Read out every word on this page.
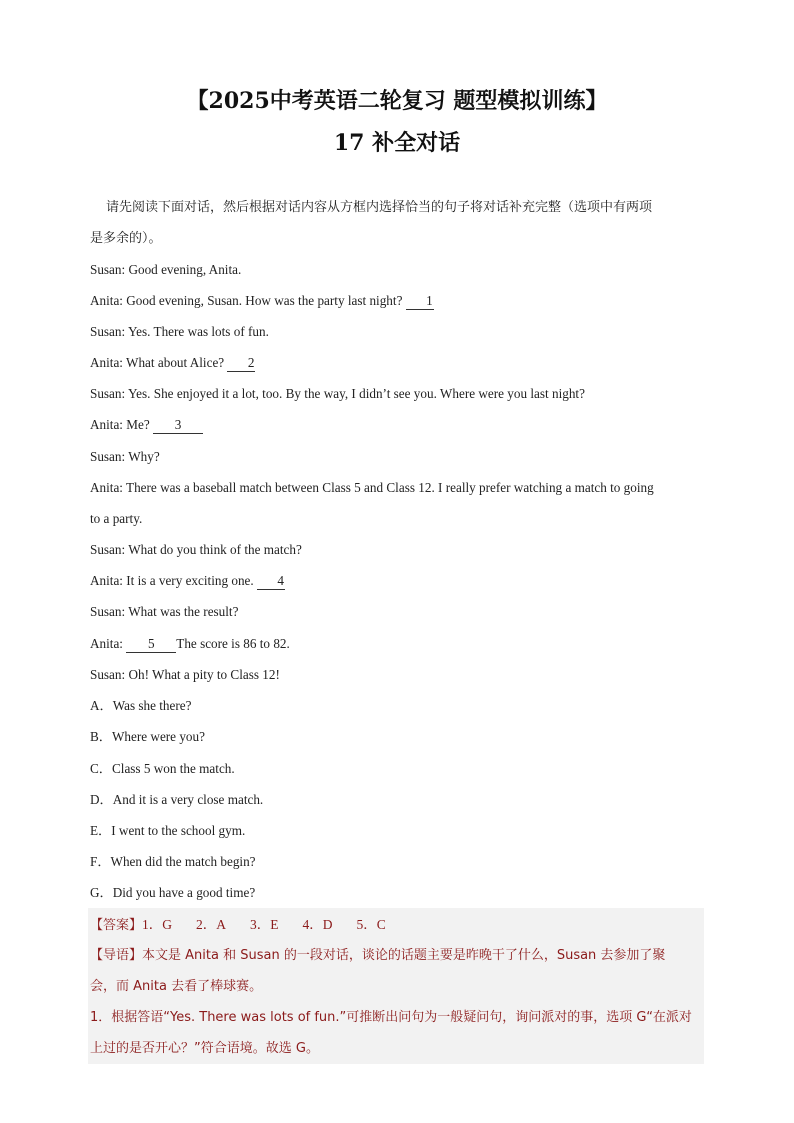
【2025中考英语二轮复习 题型模拟训练】
17 补全对话
请先阅读下面对话，然后根据对话内容从方框内选择恰当的句子将对话补充完整（选项中有两项
是多余的）。
Susan: Good evening, Anita.
Anita: Good evening, Susan. How was the party last night? 1
Susan: Yes. There was lots of fun.
Anita: What about Alice? 2
Susan: Yes. She enjoyed it a lot, too. By the way, I didn’t see you. Where were you last night?
Anita: Me? 3
Susan: Why?
Anita: There was a baseball match between Class 5 and Class 12. I really prefer watching a match to going
to a party.
Susan: What do you think of the match?
Anita: It is a very exciting one. 4
Susan: What was the result?
Anita: 5 The score is 86 to 82.
Susan: Oh! What a pity to Class 12!
A．Was she there?
B．Where were you?
C．Class 5 won the match.
D．And it is a very close match.
E．I went to the school gym.
F．When did the match begin?
G．Did you have a good time?
【答案】1．G 2．A 3．E 4．D 5．C
【导语】本文是 Anita 和 Susan 的一段对话，谈论的话题主要是昨晚干了什么，Susan 去参加了聚
会，而 Anita 去看了棒球赛。
1．根据答语“Yes. There was lots of fun.”可推断出问句为一般疑问句，询问派对的事，选项 G“在派对
上过的是否开心？”符合语境。故选 G。
